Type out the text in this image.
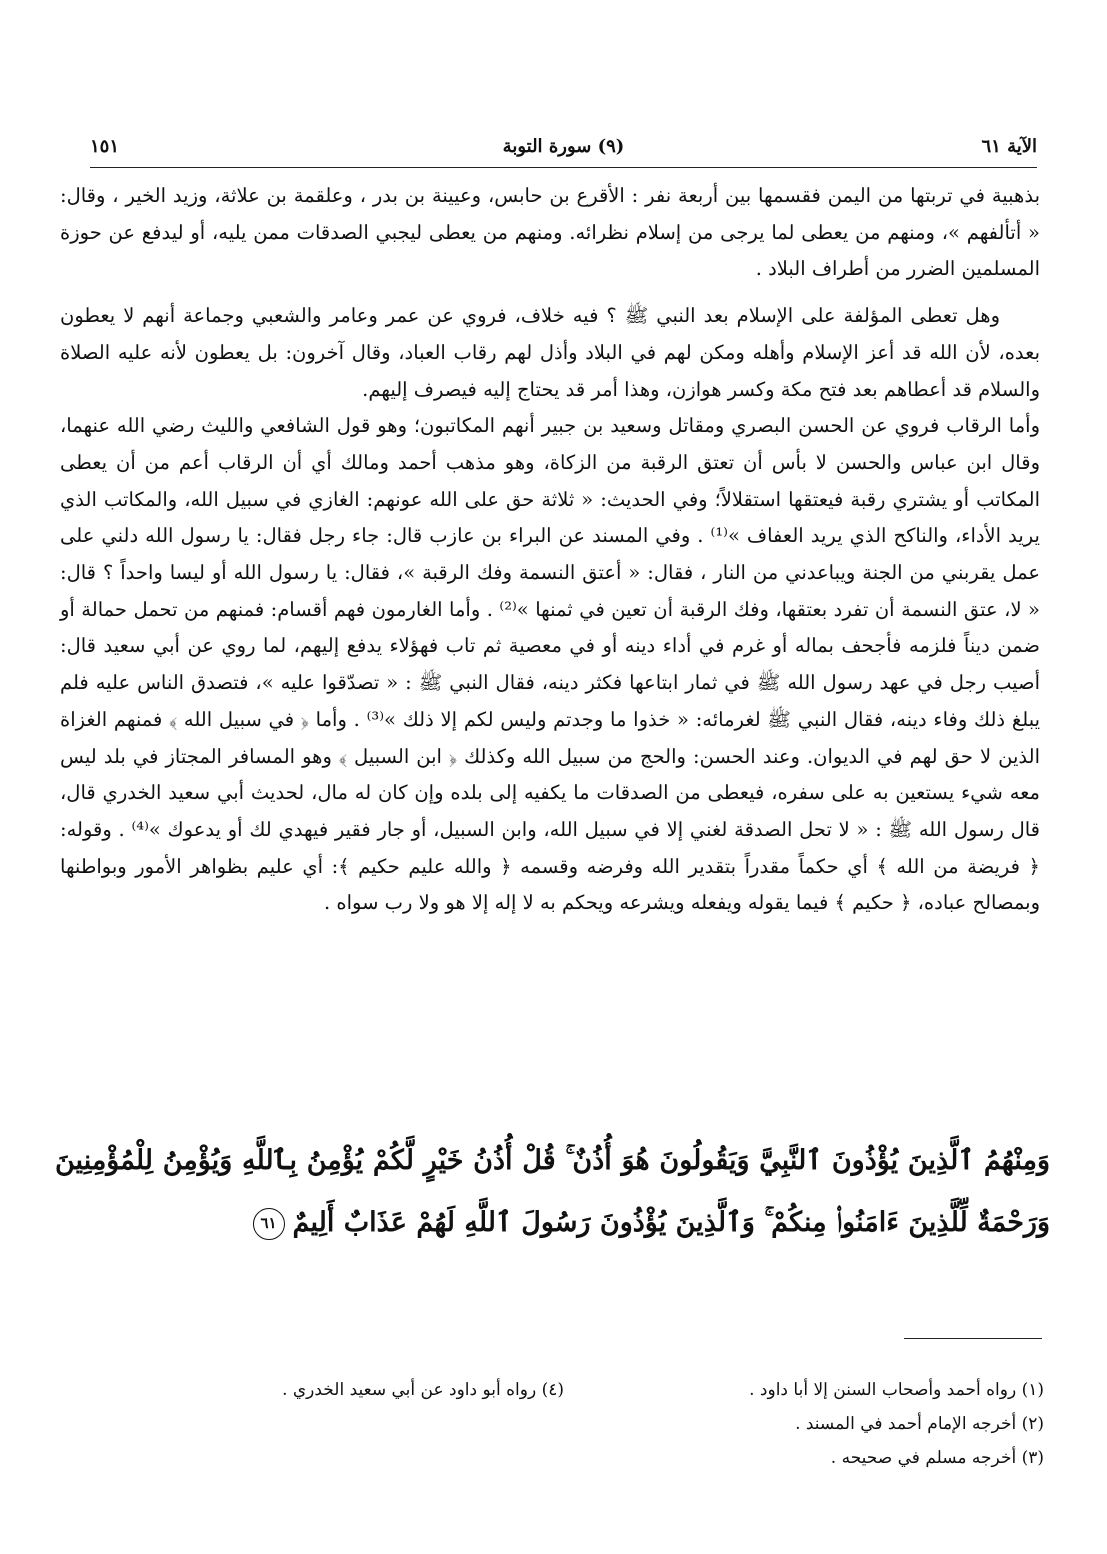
الآية ٦١
(٩) سورة التوبة
١٥١

بذهبية في تربتها من اليمن فقسمها بين أربعة نفر : الأقرع بن حابس، وعيينة بن بدر ، وعلقمة بن علاثة، وزيد الخير ، وقال: « أتألفهم »، ومنهم من يعطى لما يرجى من إسلام نظرائه. ومنهم من يعطى ليجبي الصدقات ممن يليه، أو ليدفع عن حوزة المسلمين الضرر من أطراف البلاد .

وهل تعطى المؤلفة على الإسلام بعد النبي ﷺ ؟ فيه خلاف، فروي عن عمر وعامر والشعبي وجماعة أنهم لا يعطون بعده، لأن الله قد أعز الإسلام وأهله ومكن لهم في البلاد وأذل لهم رقاب العباد، وقال آخرون: بل يعطون لأنه عليه الصلاة والسلام قد أعطاهم بعد فتح مكة وكسر هوازن، وهذا أمر قد يحتاج إليه فيصرف إليهم.

وأما الرقاب فروي عن الحسن البصري ومقاتل وسعيد بن جبير أنهم المكاتبون؛ وهو قول الشافعي والليث رضي الله عنهما، وقال ابن عباس والحسن لا بأس أن تعتق الرقبة من الزكاة، وهو مذهب أحمد ومالك أي أن الرقاب أعم من أن يعطى المكاتب أو يشتري رقبة فيعتقها استقلالاً؛ وفي الحديث: « ثلاثة حق على الله عونهم: الغازي في سبيل الله، والمكاتب الذي يريد الأداء، والناكح الذي يريد العفاف »⁽¹⁾ . وفي المسند عن البراء بن عازب قال: جاء رجل فقال: يا رسول الله دلني على عمل يقربني من الجنة ويباعدني من النار ، فقال: « أعتق النسمة وفك الرقبة »، فقال: يا رسول الله أو ليسا واحداً ؟ قال: « لا، عتق النسمة أن تفرد بعتقها، وفك الرقبة أن تعين في ثمنها »⁽²⁾ . وأما الغارمون فهم أقسام: فمنهم من تحمل حمالة أو ضمن ديناً فلزمه فأجحف بماله أو غرم في أداء دينه أو في معصية ثم تاب فهؤلاء يدفع إليهم، لما روي عن أبي سعيد قال: أصيب رجل في عهد رسول الله ﷺ في ثمار ابتاعها فكثر دينه، فقال النبي ﷺ : « تصدّقوا عليه »، فتصدق الناس عليه فلم يبلغ ذلك وفاء دينه، فقال النبي ﷺ لغرمائه: « خذوا ما وجدتم وليس لكم إلا ذلك »⁽³⁾ . وأما ﴿ في سبيل الله ﴾ فمنهم الغزاة الذين لا حق لهم في الديوان. وعند الحسن: والحج من سبيل الله وكذلك ﴿ ابن السبيل ﴾ وهو المسافر المجتاز في بلد ليس معه شيء يستعين به على سفره، فيعطى من الصدقات ما يكفيه إلى بلده وإن كان له مال، لحديث أبي سعيد الخدري قال، قال رسول الله ﷺ : « لا تحل الصدقة لغني إلا في سبيل الله، وابن السبيل، أو جار فقير فيهدي لك أو يدعوك »⁽⁴⁾ . وقوله: ﴿ فريضة من الله ﴾ أي حكماً مقدراً بتقدير الله وفرضه وقسمه ﴿ والله عليم حكيم ﴾: أي عليم بظواهر الأمور وبواطنها وبمصالح عباده، ﴿ حكيم ﴾ فيما يقوله ويفعله ويشرعه ويحكم به لا إله إلا هو ولا رب سواه .

وَمِنْهُمُ ٱلَّذِينَ يُؤْذُونَ ٱلنَّبِيَّ وَيَقُولُونَ هُوَ أُذُنٌ ۚ قُلْ أُذُنُ خَيْرٍ لَّكُمْ يُؤْمِنُ بِٱللَّهِ وَيُؤْمِنُ لِلْمُؤْمِنِينَ وَرَحْمَةٌ لِّلَّذِينَ ءَامَنُوا۟ مِنكُمْ ۚ وَٱلَّذِينَ يُؤْذُونَ رَسُولَ ٱللَّهِ لَهُمْ عَذَابٌ أَلِيمٌ٦١
(١) رواه أحمد وأصحاب السنن إلا أبا داود .
(٢) أخرجه الإمام أحمد في المسند .
(٣) أخرجه مسلم في صحيحه .
(٤) رواه أبو داود عن أبي سعيد الخدري .
